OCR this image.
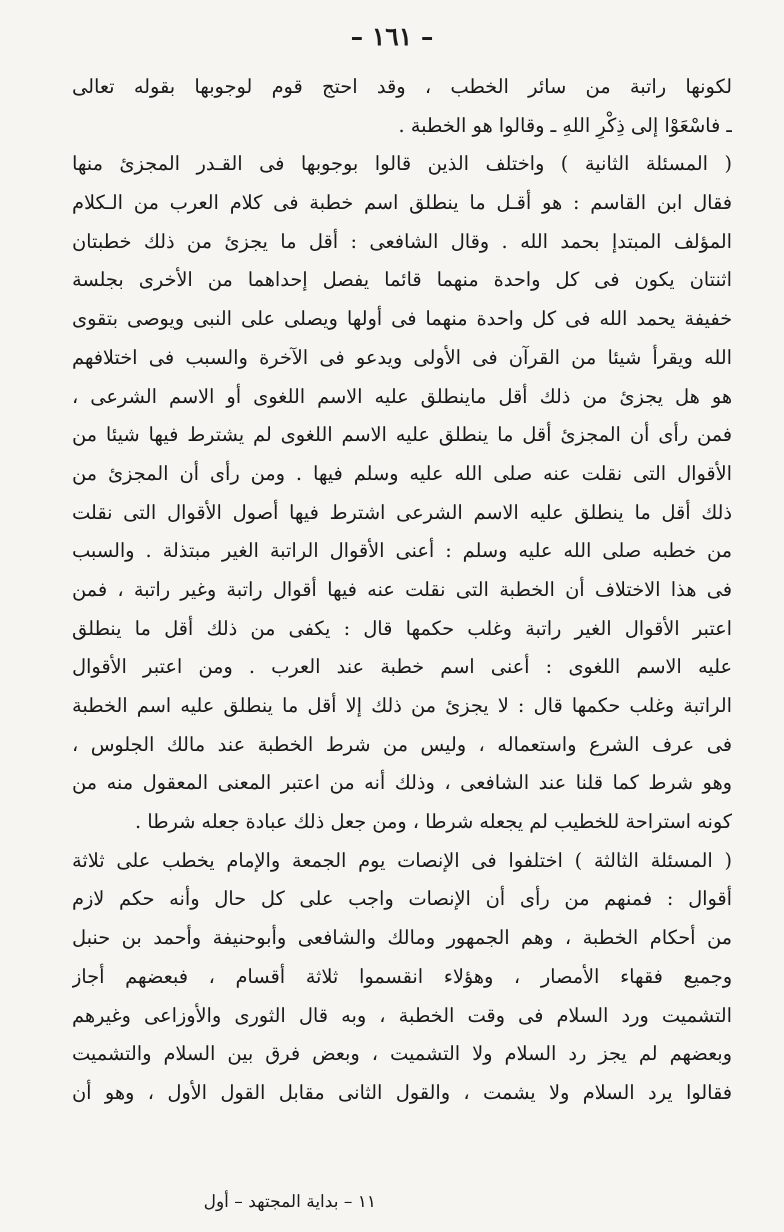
– ١٦١ –
لكونها راتبة من سائر الخطب ، وقد احتج قوم لوجوبها بقوله تعالى
ـ فاسْعَوْا إلى ذِكْرِ اللهِ ـ وقالوا هو الخطبة .
( المسئلة الثانية ) واختلف الذين قالوا بوجوبها فى القـدر المجزئ منها
فقال ابن القاسم : هو أقـل ما ينطلق اسم خطبة فى كلام العرب من الـكلام
المؤلف المبتدإ بحمد الله . وقال الشافعى : أقل ما يجزئ من ذلك خطبتان
اثنتان يكون فى كل واحدة منهما قائما يفصل إحداهما من الأخرى بجلسة
خفيفة يحمد الله فى كل واحدة منهما فى أولها ويصلى على النبى ويوصى بتقوى
الله ويقرأ شيئا من القرآن فى الأولى ويدعو فى الآخرة والسبب فى اختلافهم
هو هل يجزئ من ذلك أقل ماينطلق عليه الاسم اللغوى أو الاسم الشرعى ،
فمن رأى أن المجزئ أقل ما ينطلق عليه الاسم اللغوى لم يشترط فيها شيئا من
الأقوال التى نقلت عنه صلى الله عليه وسلم فيها . ومن رأى أن المجزئ من
ذلك أقل ما ينطلق عليه الاسم الشرعى اشترط فيها أصول الأقوال التى نقلت
من خطبه صلى الله عليه وسلم : أعنى الأقوال الراتبة الغير مبتذلة . والسبب
فى هذا الاختلاف أن الخطبة التى نقلت عنه فيها أقوال راتبة وغير راتبة ، فمن
اعتبر الأقوال الغير راتبة وغلب حكمها قال : يكفى من ذلك أقل ما ينطلق
عليه الاسم اللغوى : أعنى اسم خطبة عند العرب . ومن اعتبر الأقوال
الراتبة وغلب حكمها قال : لا يجزئ من ذلك إلا أقل ما ينطلق عليه اسم الخطبة
فى عرف الشرع واستعماله ، وليس من شرط الخطبة عند مالك الجلوس ،
وهو شرط كما قلنا عند الشافعى ، وذلك أنه من اعتبر المعنى المعقول منه من
كونه استراحة للخطيب لم يجعله شرطا ، ومن جعل ذلك عبادة جعله شرطا .
( المسئلة الثالثة ) اختلفوا فى الإنصات يوم الجمعة والإمام يخطب على ثلاثة
أقوال : فمنهم من رأى أن الإنصات واجب على كل حال وأنه حكم لازم
من أحكام الخطبة ، وهم الجمهور ومالك والشافعى وأبوحنيفة وأحمد بن حنبل
وجميع فقهاء الأمصار ، وهؤلاء انقسموا ثلاثة أقسام ، فبعضهم أجاز
التشميت ورد السلام فى وقت الخطبة ، وبه قال الثورى والأوزاعى وغيرهم
وبعضهم لم يجز رد السلام ولا التشميت ، وبعض فرق بين السلام والتشميت
فقالوا يرد السلام ولا يشمت ، والقول الثانى مقابل القول الأول ، وهو أن
١١ – بداية المجتهد – أول
